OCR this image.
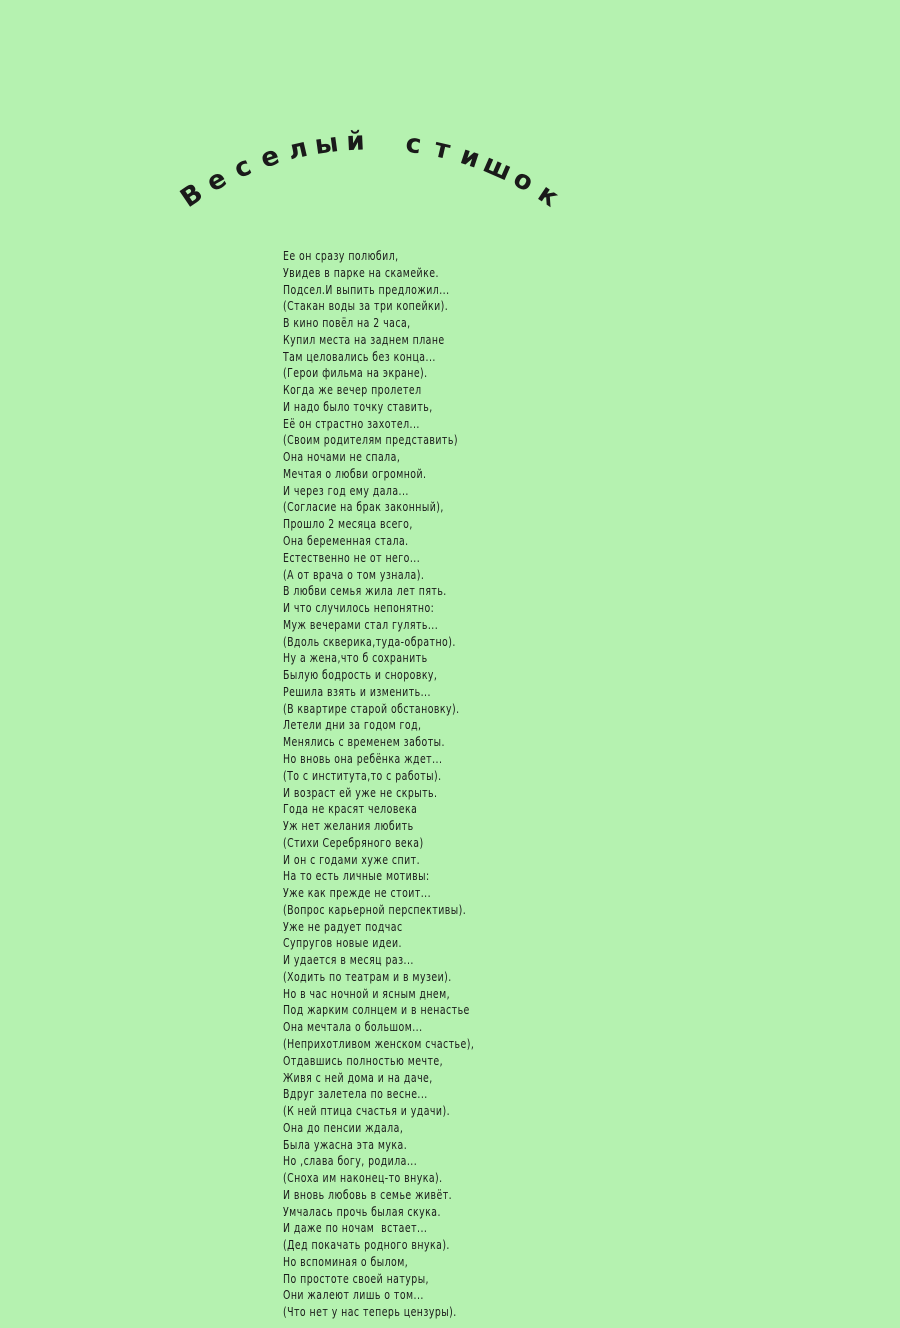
В
е
с е л ы й с т и
ш
о
к
Ее он сразу полюбил,
Увидев в парке на скамейке.
Подсел.И выпить предложил...
(Стакан воды за три копейки).
В кино повёл на 2 часа,
Купил места на заднем плане
Там целовались без конца...
(Герои фильма на экране).
Когда же вечер пролетел
И надо было точку ставить,
Её он страстно захотел...
(Своим родителям представить)
Она ночами не спала,
Мечтая о любви огромной.
И через год ему дала...
(Согласие на брак законный),
Прошло 2 месяца всего,
Она беременная стала.
Естественно не от него...
(А от врача о том узнала).
В любви семья жила лет пять.
И что случилось непонятно:
Муж вечерами стал гулять...
(Вдоль скверика,туда-обратно).
Ну а жена,что б сохранить
Былую бодрость и сноровку,
Решила взять и изменить...
(В квартире старой обстановку).
Летели дни за годом год,
Менялись с временем заботы.
Но вновь она ребёнка ждет...
(То с института,то с работы).
И возраст ей уже не скрыть.
Года не красят человека
Уж нет желания любить
(Стихи Серебряного века)
И он с годами хуже спит.
На то есть личные мотивы:
Уже как прежде не стоит...
(Вопрос карьерной перспективы).
Уже не радует подчас
Супругов новые идеи.
И удается в месяц раз...
(Ходить по театрам и в музеи).
Но в час ночной и ясным днем,
Под жарким солнцем и в ненастье
Она мечтала о большом...
(Неприхотливом женском счастье),
Отдавшись полностью мечте,
Живя с ней дома и на даче,
Вдруг залетела по весне...
(К ней птица счастья и удачи).
Она до пенсии ждала,
Была ужасна эта мука.
Но ,слава богу, родила...
(Сноха им наконец-то внука).
И вновь любовь в семье живёт.
Умчалась прочь былая скука.
И даже по ночам  встает...
(Дед покачать родного внука).
Но вспоминая о былом,
По простоте своей натуры,
Они жалеют лишь о том...
(Что нет у нас теперь цензуры).
